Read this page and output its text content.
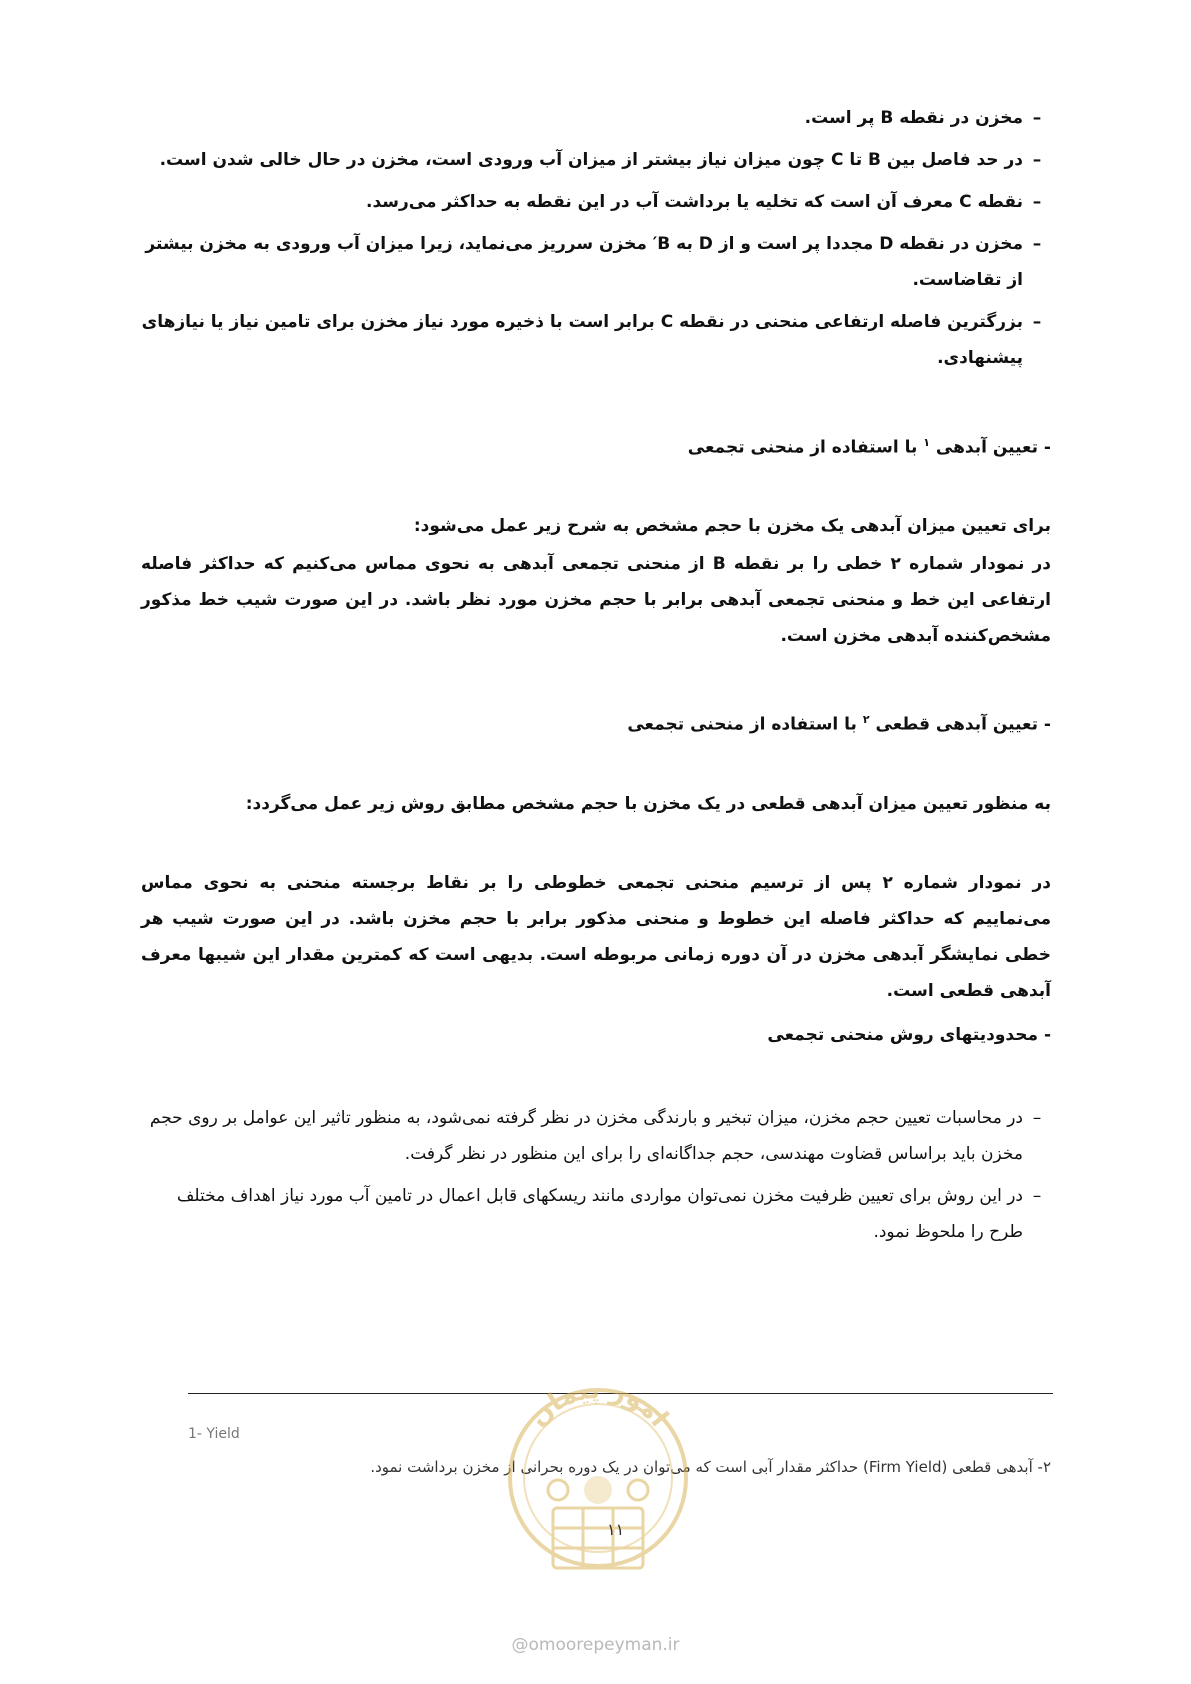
–
مخزن در نقطه B پر است.
–
در حد فاصل بین B تا C چون میزان نیاز بیشتر از میزان آب ورودی است، مخزن در حال خالی شدن است.
–
نقطه C معرف آن است که تخلیه یا برداشت آب در این نقطه به حداکثر می‌رسد.
–
مخزن در نقطه D مجددا پر است و از D به B′ مخزن سرریز می‌نماید، زیرا میزان آب ورودی به مخزن بیشتر از تقاضاست.
–
بزرگترین فاصله ارتفاعی منحنی در نقطه C برابر است با ذخیره مورد نیاز مخزن برای تامین نیاز یا نیازهای پیشنهادی.
- تعیین آبدهی $^۱$ با استفاده از منحنی تجمعی
برای تعیین میزان آبدهی یک مخزن با حجم مشخص به شرح زیر عمل می‌شود:
در نمودار شماره ۲ خطی را بر نقطه B از منحنی تجمعی آبدهی به نحوی مماس می‌کنیم که حداکثر فاصله ارتفاعی این خط و منحنی تجمعی آبدهی برابر با حجم مخزن مورد نظر باشد. در این صورت شیب خط مذکور مشخص‌کننده آبدهی مخزن است.
- تعیین آبدهی قطعی $^۲$ با استفاده از منحنی تجمعی
به منظور تعیین میزان آبدهی قطعی در یک مخزن با حجم مشخص مطابق روش زیر عمل می‌گردد:
در نمودار شماره ۲ پس از ترسیم منحنی تجمعی خطوطی را بر نقاط برجسته منحنی به نحوی مماس می‌نماییم که حداکثر فاصله این خطوط و منحنی مذکور برابر با حجم مخزن باشد. در این صورت شیب هر خطی نمایشگر آبدهی مخزن در آن دوره زمانی مربوطه است. بدیهی است که کمترین مقدار این شیبها معرف آبدهی قطعی است.
- محدودیتهای روش منحنی تجمعی
–
در محاسبات تعیین حجم مخزن، میزان تبخیر و بارندگی مخزن در نظر گرفته نمی‌شود، به منظور تاثیر این عوامل بر روی حجم مخزن باید براساس قضاوت مهندسی، حجم جداگانه‌ای را برای این منظور در نظر گرفت.
–
در این روش برای تعیین ظرفیت مخزن نمی‌توان مواردی مانند ریسکهای قابل اعمال در تامین آب مورد نیاز اهداف مختلف طرح را ملحوظ نمود.
1- Yield
۲- آبدهی قطعی (Firm Yield) حداکثر مقدار آبی است که می‌توان در یک دوره بحرانی از مخزن برداشت نمود.
امور پیمان
۱۱
@omoorepeyman.ir
